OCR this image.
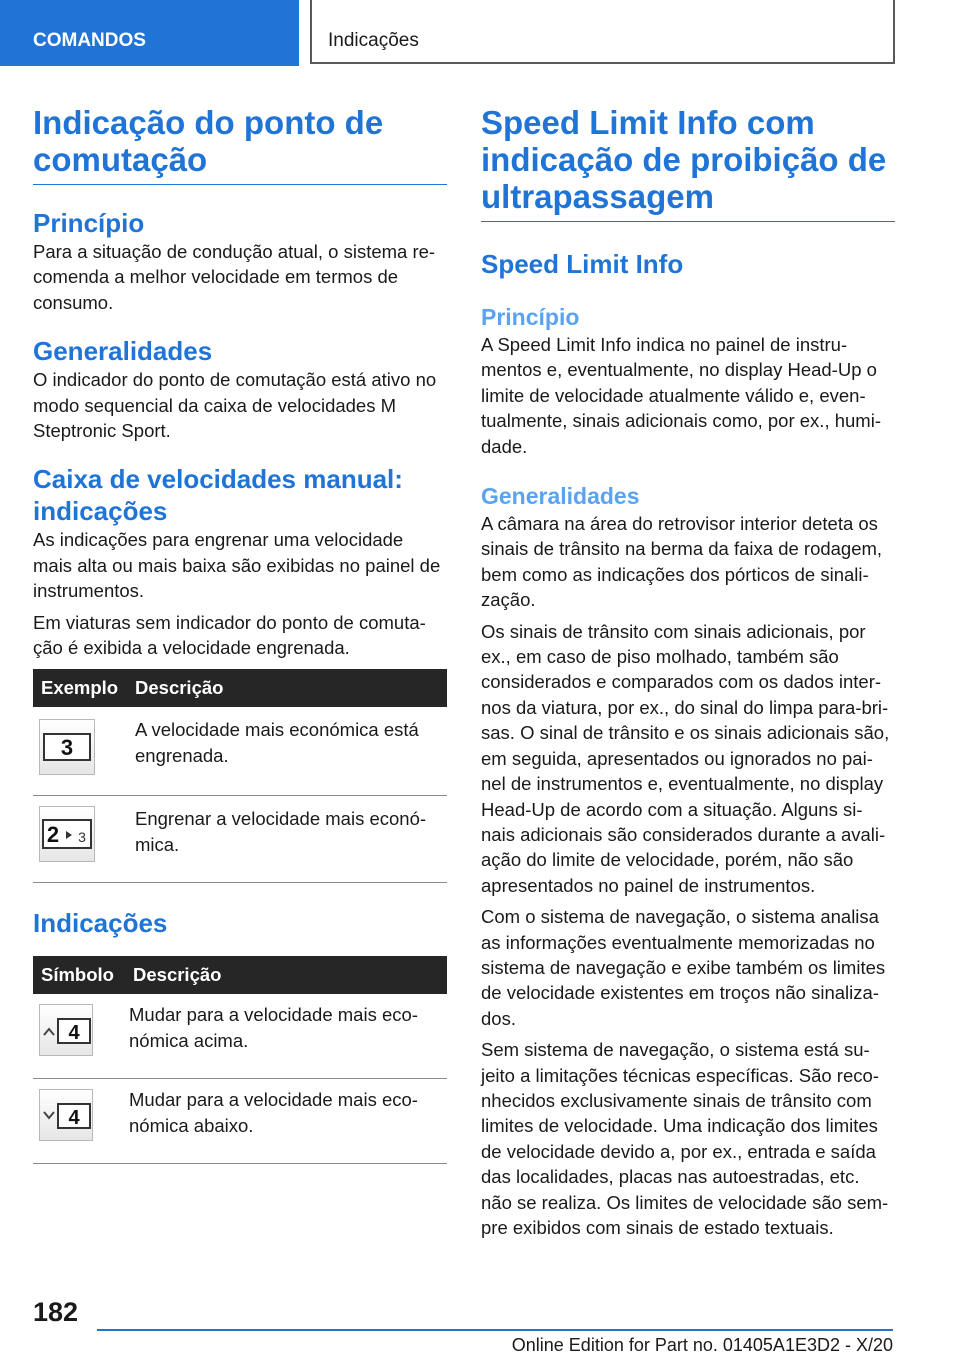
COMANDOS	Indicações
Indicação do ponto de comutação
Princípio

Para a situação de condução atual, o sistema re‐comenda a melhor velocidade em termos de consumo.

Generalidades

O indicador do ponto de comutação está ativo no modo sequencial da caixa de velocidades M Steptronic Sport.

Caixa de velocidades manual: indicações

As indicações para engrenar uma velocidade mais alta ou mais baixa são exibidas no painel de instrumentos.

Em viaturas sem indicador do ponto de comuta‐ção é exibida a velocidade engrenada.

Exemplo	Descrição

3	A velocidade mais económica está engrenada.

2 3	Engrenar a velocidade mais econó‐mica.
Indicações
Símbolo	Descrição

4	Mudar para a velocidade mais eco‐nómica acima.

4	Mudar para a velocidade mais eco‐nómica abaixo.
Speed Limit Info com indicação de proibição de ultrapassagem
Speed Limit Info
Princípio

A Speed Limit Info indica no painel de instru‐mentos e, eventualmente, no display Head-Up o limite de velocidade atualmente válido e, even‐tualmente, sinais adicionais como, por ex., humi‐dade.

Generalidades

A câmara na área do retrovisor interior deteta os sinais de trânsito na berma da faixa de rodagem, bem como as indicações dos pórticos de sinali‐zação.

Os sinais de trânsito com sinais adicionais, por ex., em caso de piso molhado, também são considerados e comparados com os dados inter‐nos da viatura, por ex., do sinal do limpa para-bri‐sas. O sinal de trânsito e os sinais adicionais são, em seguida, apresentados ou ignorados no pai‐nel de instrumentos e, eventualmente, no display Head-Up de acordo com a situação. Alguns si‐nais adicionais são considerados durante a avali‐ação do limite de velocidade, porém, não são apresentados no painel de instrumentos.

Com o sistema de navegação, o sistema analisa as informações eventualmente memorizadas no sistema de navegação e exibe também os limites de velocidade existentes em troços não sinaliza‐dos.

Sem sistema de navegação, o sistema está su‐jeito a limitações técnicas específicas. São reco‐nhecidos exclusivamente sinais de trânsito com limites de velocidade. Uma indicação dos limites de velocidade devido a, por ex., entrada e saída das localidades, placas nas autoestradas, etc. não se realiza. Os limites de velocidade são sem‐pre exibidos com sinais de estado textuais.

182
Online Edition for Part no. 01405A1E3D2 - X/20
